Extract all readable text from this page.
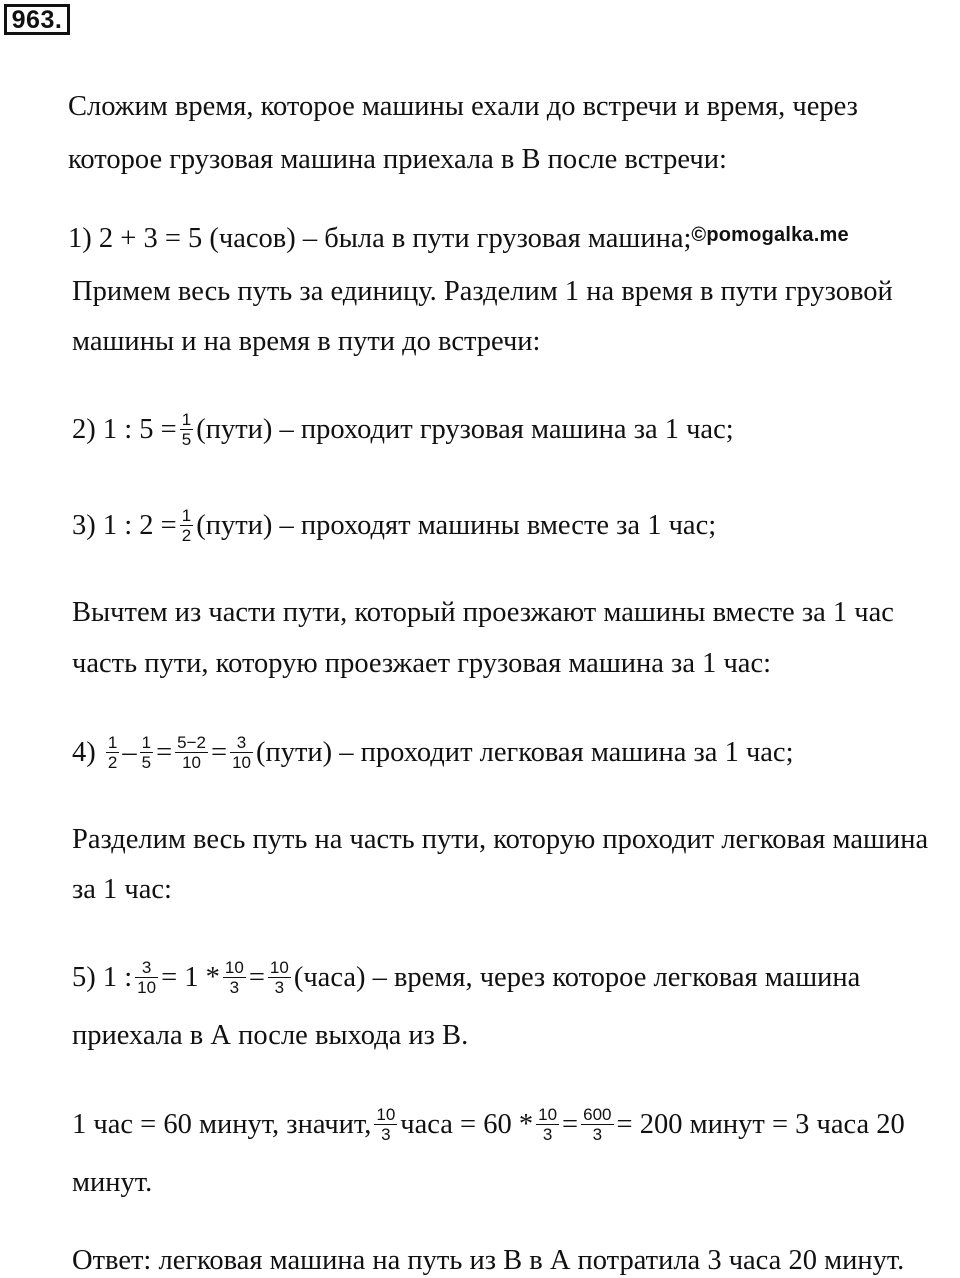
963.
Сложим время, которое машины ехали до встречи и время, через
которое грузовая машина приехала в В после встречи:
1) 2 + 3 = 5 (часов) – была в пути грузовая машина;$^{©pomogalka.me}$
Примем весь путь за единицу. Разделим 1 на время в пути грузовой
машины и на время в пути до встречи:
2) 1 : $5 = \frac{1}{5}$ (пути) – проходит грузовая машина за 1 час;
3) 1 : $2 = \frac{1}{2}$ (пути) – проходят машины вместе за 1 час;
Вычтем из части пути, который проезжают машины вместе за 1 час
часть пути, которую проезжает грузовая машина за 1 час:
$4) \frac{1}{2} - \frac{1}{5} = \frac{5-2}{10} = \frac{3}{10}$ (пути) – проходит легковая машина за 1 час;
Разделим весь путь на часть пути, которую проходит легковая машина
за 1 час:
5) 1 : $\frac{3}{10} = 1 * \frac{10}{3} = \frac{10}{3}$ (часа) – время, через которое легковая машина
приехала в А после выхода из В.
1 час = 60 минут, значит, $\frac{10}{3}$ часа = $60 * \frac{10}{3} = \frac{600}{3} = 200$ минут = 3 часа 20
минут.
Ответ: легковая машина на путь из В в А потратила 3 часа 20 минут.
